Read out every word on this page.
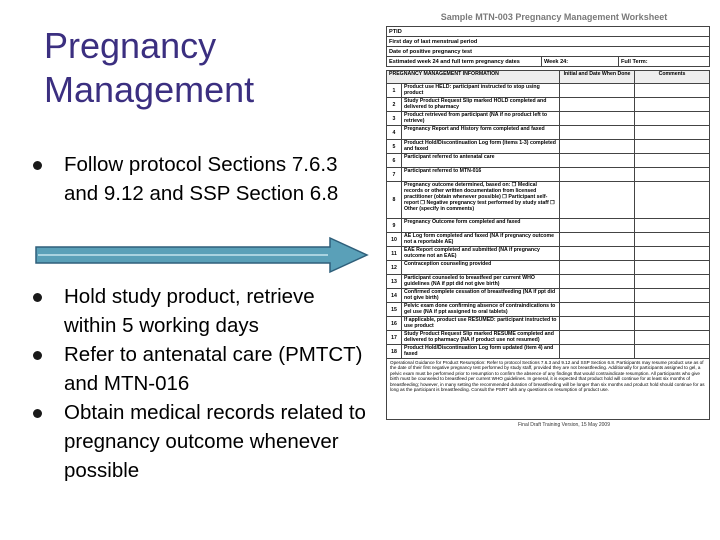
Pregnancy Management
Follow protocol Sections 7.6.3 and 9.12 and SSP Section 6.8
Hold study product, retrieve within 5 working days
Refer to antenatal care (PMTCT) and MTN-016
Obtain medical records related to pregnancy outcome whenever possible
Sample MTN-003 Pregnancy Management Worksheet
PTID
First day of last menstrual period
Date of positive pregnancy test
Estimated week 24 and full term pregnancy dates	Week 24:	Full Term:
PREGNANCY MANAGEMENT INFORMATION		Initial and Date When Done	Comments
1	Product use HELD: participant instructed to stop using product		
2	Study Product Request Slip marked HOLD completed and delivered to pharmacy		
3	Product retrieved from participant (NA if no product left to retrieve)		
4	Pregnancy Report and History form completed and faxed		
5	Product Hold/Discontinuation Log form (items 1-3) completed and faxed		
6	Participant referred to antenatal care		
7	Participant referred to MTN-016		
8	Pregnancy outcome determined, based on: ❒ Medical records or other written documentation from licensed practitioner (obtain whenever possible) ❒ Participant self-report ❒ Negative pregnancy test performed by study staff ❒ Other (specify in comments)		
9	Pregnancy Outcome form completed and faxed		
10	AE Log form completed and faxed (NA if pregnancy outcome not a reportable AE)		
11	EAE Report completed and submitted (NA if pregnancy outcome not an EAE)		
12	Contraception counseling provided		
13	Participant counseled to breastfeed per current WHO guidelines (NA if ppt did not give birth)		
14	Confirmed complete cessation of breastfeeding (NA if ppt did not give birth)		
15	Pelvic exam done confirming absence of contraindications to gel use (NA if ppt assigned to oral tablets)		
16	If applicable, product use RESUMED: participant instructed to use product		
17	Study Product Request Slip marked RESUME completed and delivered to pharmacy (NA if product use not resumed)		
18	Product Hold/Discontinuation Log form updated (item 4) and faxed		
Operational Guidance for Product Resumption: Refer to protocol Sections 7.6.3 and 9.12 and SSP Section 6.8. Participants may resume product use as of the date of their first negative pregnancy test performed by study staff, provided they are not breastfeeding. Additionally for participants assigned to gel, a pelvic exam must be performed prior to resumption to confirm the absence of any findings that would contraindicate resumption. All participants who give birth must be counseled to breastfeed per current WHO guidelines. In general, it is expected that product hold will continue for at least six months of breastfeeding; however, in many setting the recommended duration of breastfeeding will be longer than six months and product hold should continue for as long as the participant is breastfeeding. Consult the PSRT with any questions on resumption of product use.
Final Draft Training Version, 15 May 2009
